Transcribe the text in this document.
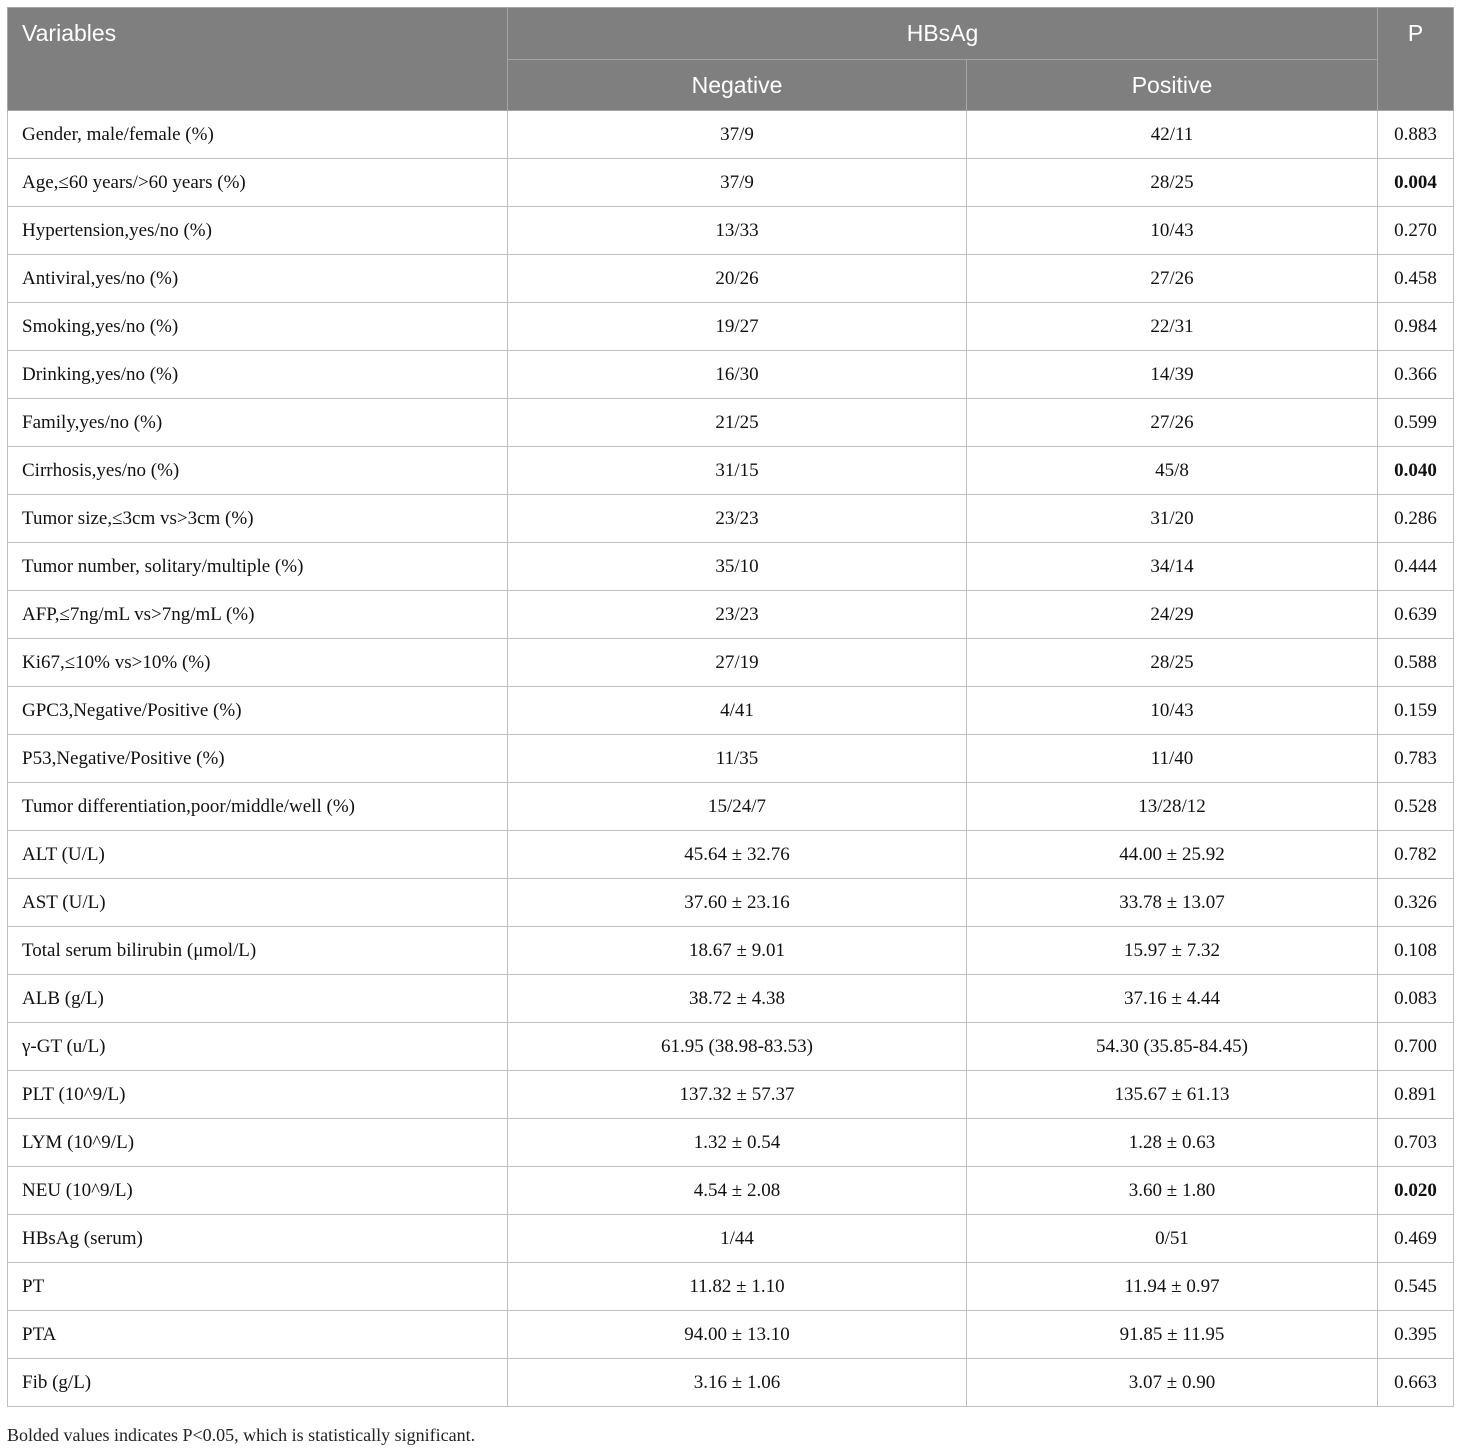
Variables	HBsAg		P
	Negative	Positive	
Gender, male/female (%)	37/9	42/11	0.883
Age,≤60 years/>60 years (%)	37/9	28/25	0.004
Hypertension,yes/no (%)	13/33	10/43	0.270
Antiviral,yes/no (%)	20/26	27/26	0.458
Smoking,yes/no (%)	19/27	22/31	0.984
Drinking,yes/no (%)	16/30	14/39	0.366
Family,yes/no (%)	21/25	27/26	0.599
Cirrhosis,yes/no (%)	31/15	45/8	0.040
Tumor size,≤3cm vs>3cm (%)	23/23	31/20	0.286
Tumor number, solitary/multiple (%)	35/10	34/14	0.444
AFP,≤7ng/mL vs>7ng/mL (%)	23/23	24/29	0.639
Ki67,≤10% vs>10% (%)	27/19	28/25	0.588
GPC3,Negative/Positive (%)	4/41	10/43	0.159
P53,Negative/Positive (%)	11/35	11/40	0.783
Tumor differentiation,poor/middle/well (%)	15/24/7	13/28/12	0.528
ALT (U/L)	45.64 ± 32.76	44.00 ± 25.92	0.782
AST (U/L)	37.60 ± 23.16	33.78 ± 13.07	0.326
Total serum bilirubin (μmol/L)	18.67 ± 9.01	15.97 ± 7.32	0.108
ALB (g/L)	38.72 ± 4.38	37.16 ± 4.44	0.083
γ-GT (u/L)	61.95 (38.98-83.53)	54.30 (35.85-84.45)	0.700
PLT (10^9/L)	137.32 ± 57.37	135.67 ± 61.13	0.891
LYM (10^9/L)	1.32 ± 0.54	1.28 ± 0.63	0.703
NEU (10^9/L)	4.54 ± 2.08	3.60 ± 1.80	0.020
HBsAg (serum)	1/44	0/51	0.469
PT	11.82 ± 1.10	11.94 ± 0.97	0.545
PTA	94.00 ± 13.10	91.85 ± 11.95	0.395
Fib (g/L)	3.16 ± 1.06	3.07 ± 0.90	0.663
Bolded values indicates P<0.05, which is statistically significant.
